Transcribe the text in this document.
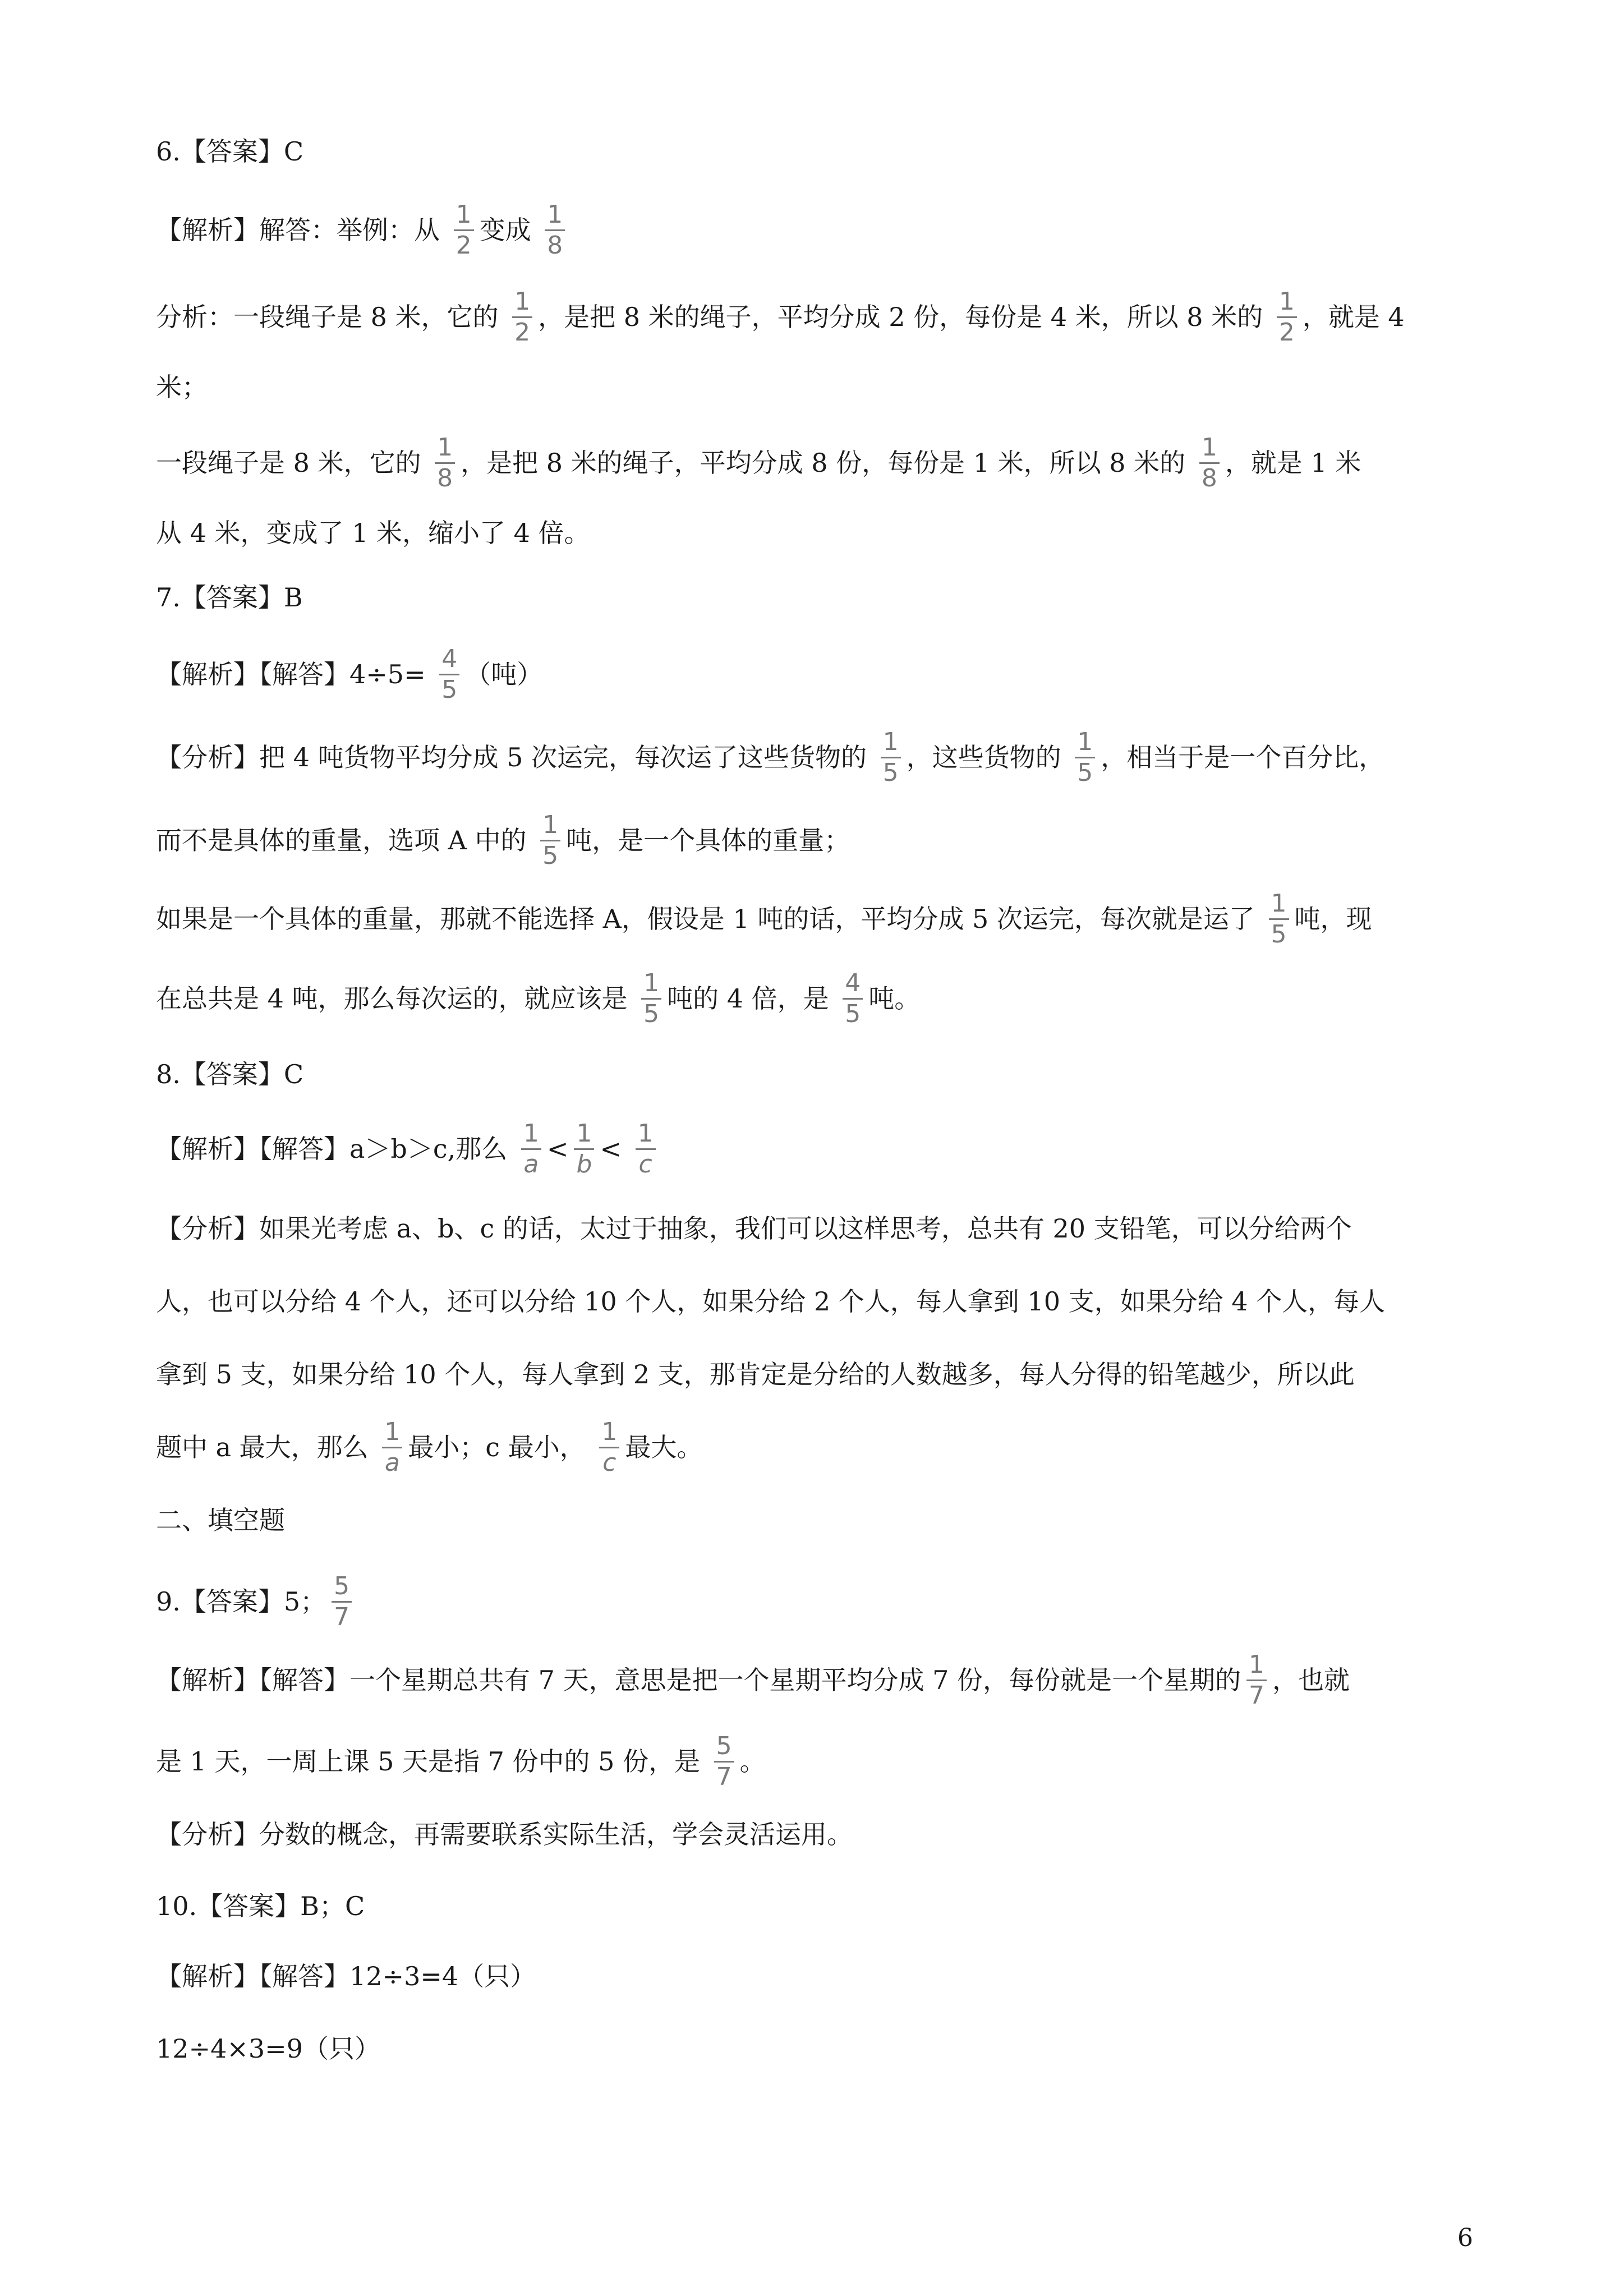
6.【答案】C
【解析】解答：举例：从 $\frac{1}{2}$ 变成 $\frac{1}{8}$
分析：一段绳子是 8 米，它的 $\frac{1}{2}$ ，是把 8 米的绳子，平均分成 2 份，每份是 4 米，所以 8 米的 $\frac{1}{2}$ ，就是 4
米；
一段绳子是 8 米，它的 $\frac{1}{8}$ ，是把 8 米的绳子，平均分成 8 份，每份是 1 米，所以 8 米的 $\frac{1}{8}$ ，就是 1 米
从 4 米，变成了 1 米，缩小了 4 倍。
7.【答案】B
【解析】【解答】$4\div 5= \frac{4}{5}$ （吨）
【分析】把 4 吨货物平均分成 5 次运完，每次运了这些货物的 $\frac{1}{5}$ ，这些货物的 $\frac{1}{5}$ ，相当于是一个百分比，
而不是具体的重量，选项 A 中的 $\frac{1}{5}$ 吨，是一个具体的重量；
如果是一个具体的重量，那就不能选择 A，假设是 1 吨的话，平均分成 5 次运完，每次就是运了 $\frac{1}{5}$ 吨，现
在总共是 4 吨，那么每次运的，就应该是 $\frac{1}{5}$ 吨的 4 倍，是 $\frac{4}{5}$ 吨。
8.【答案】C
【解析】【解答】a＞b＞c,那么 $\frac{1}{a} < \frac{1}{b} < \frac{1}{c}$
【分析】如果光考虑 a、b、c 的话，太过于抽象，我们可以这样思考，总共有 20 支铅笔，可以分给两个
人，也可以分给 4 个人，还可以分给 10 个人，如果分给 2 个人，每人拿到 10 支，如果分给 4 个人，每人
拿到 5 支，如果分给 10 个人，每人拿到 2 支，那肯定是分给的人数越多，每人分得的铅笔越少，所以此
题中 a 最大，那么 $\frac{1}{a}$ 最小；c 最小， $\frac{1}{c}$ 最大。
二、填空题
9.【答案】5； $\frac{5}{7}$
【解析】【解答】一个星期总共有 7 天，意思是把一个星期平均分成 7 份，每份就是一个星期的 $\frac{1}{7}$ ，也就
是 1 天，一周上课 5 天是指 7 份中的 5 份，是 $\frac{5}{7}$ 。
【分析】分数的概念，再需要联系实际生活，学会灵活运用。
10.【答案】B；C
【解析】【解答】12÷3=4（只）
12÷4×3=9（只）
6
